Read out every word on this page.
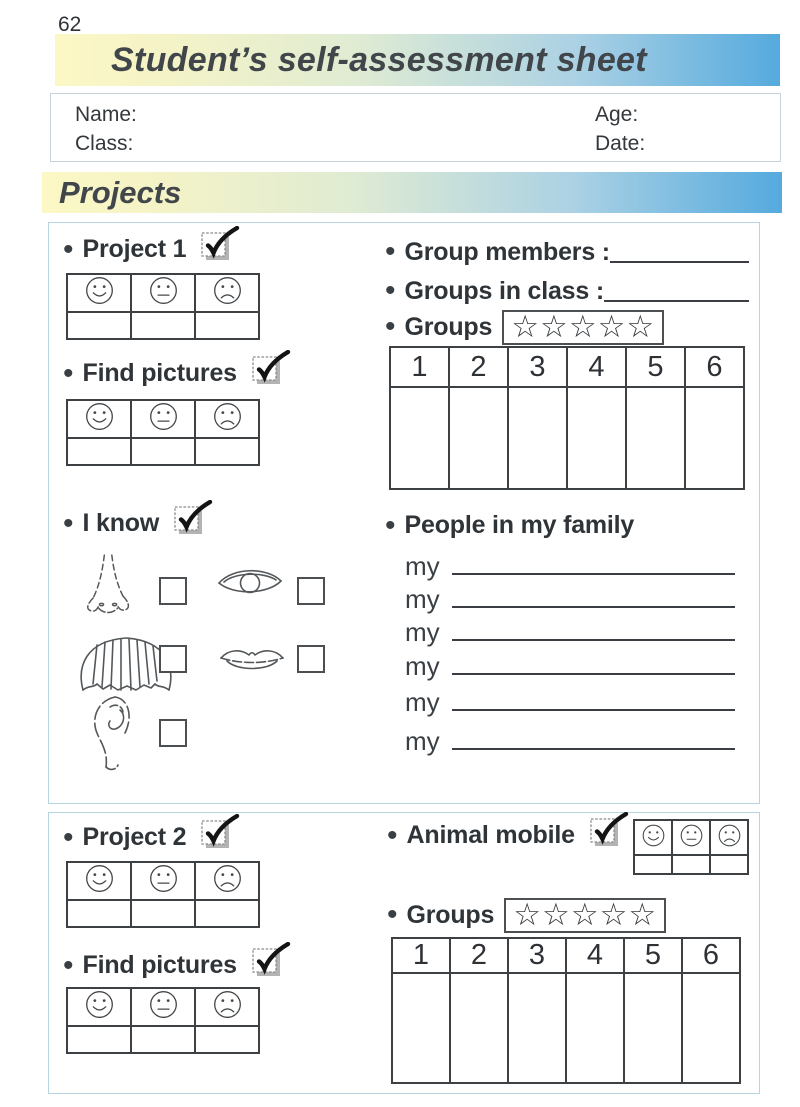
62
Student’s self-assessment sheet
Name:
Class:
Age:
Date:
Projects
• Project 1

• Find pictures

• I know
• Group members :
• Groups in class :
• Groups ☆ ☆ ☆ ☆ ☆
1	2	3	4	5	6

• People in my family
my
my
my
my
my
my
• Project 2

• Find pictures

• Animal mobile

• Groups ☆ ☆ ☆ ☆ ☆
1	2	3	4	5	6
